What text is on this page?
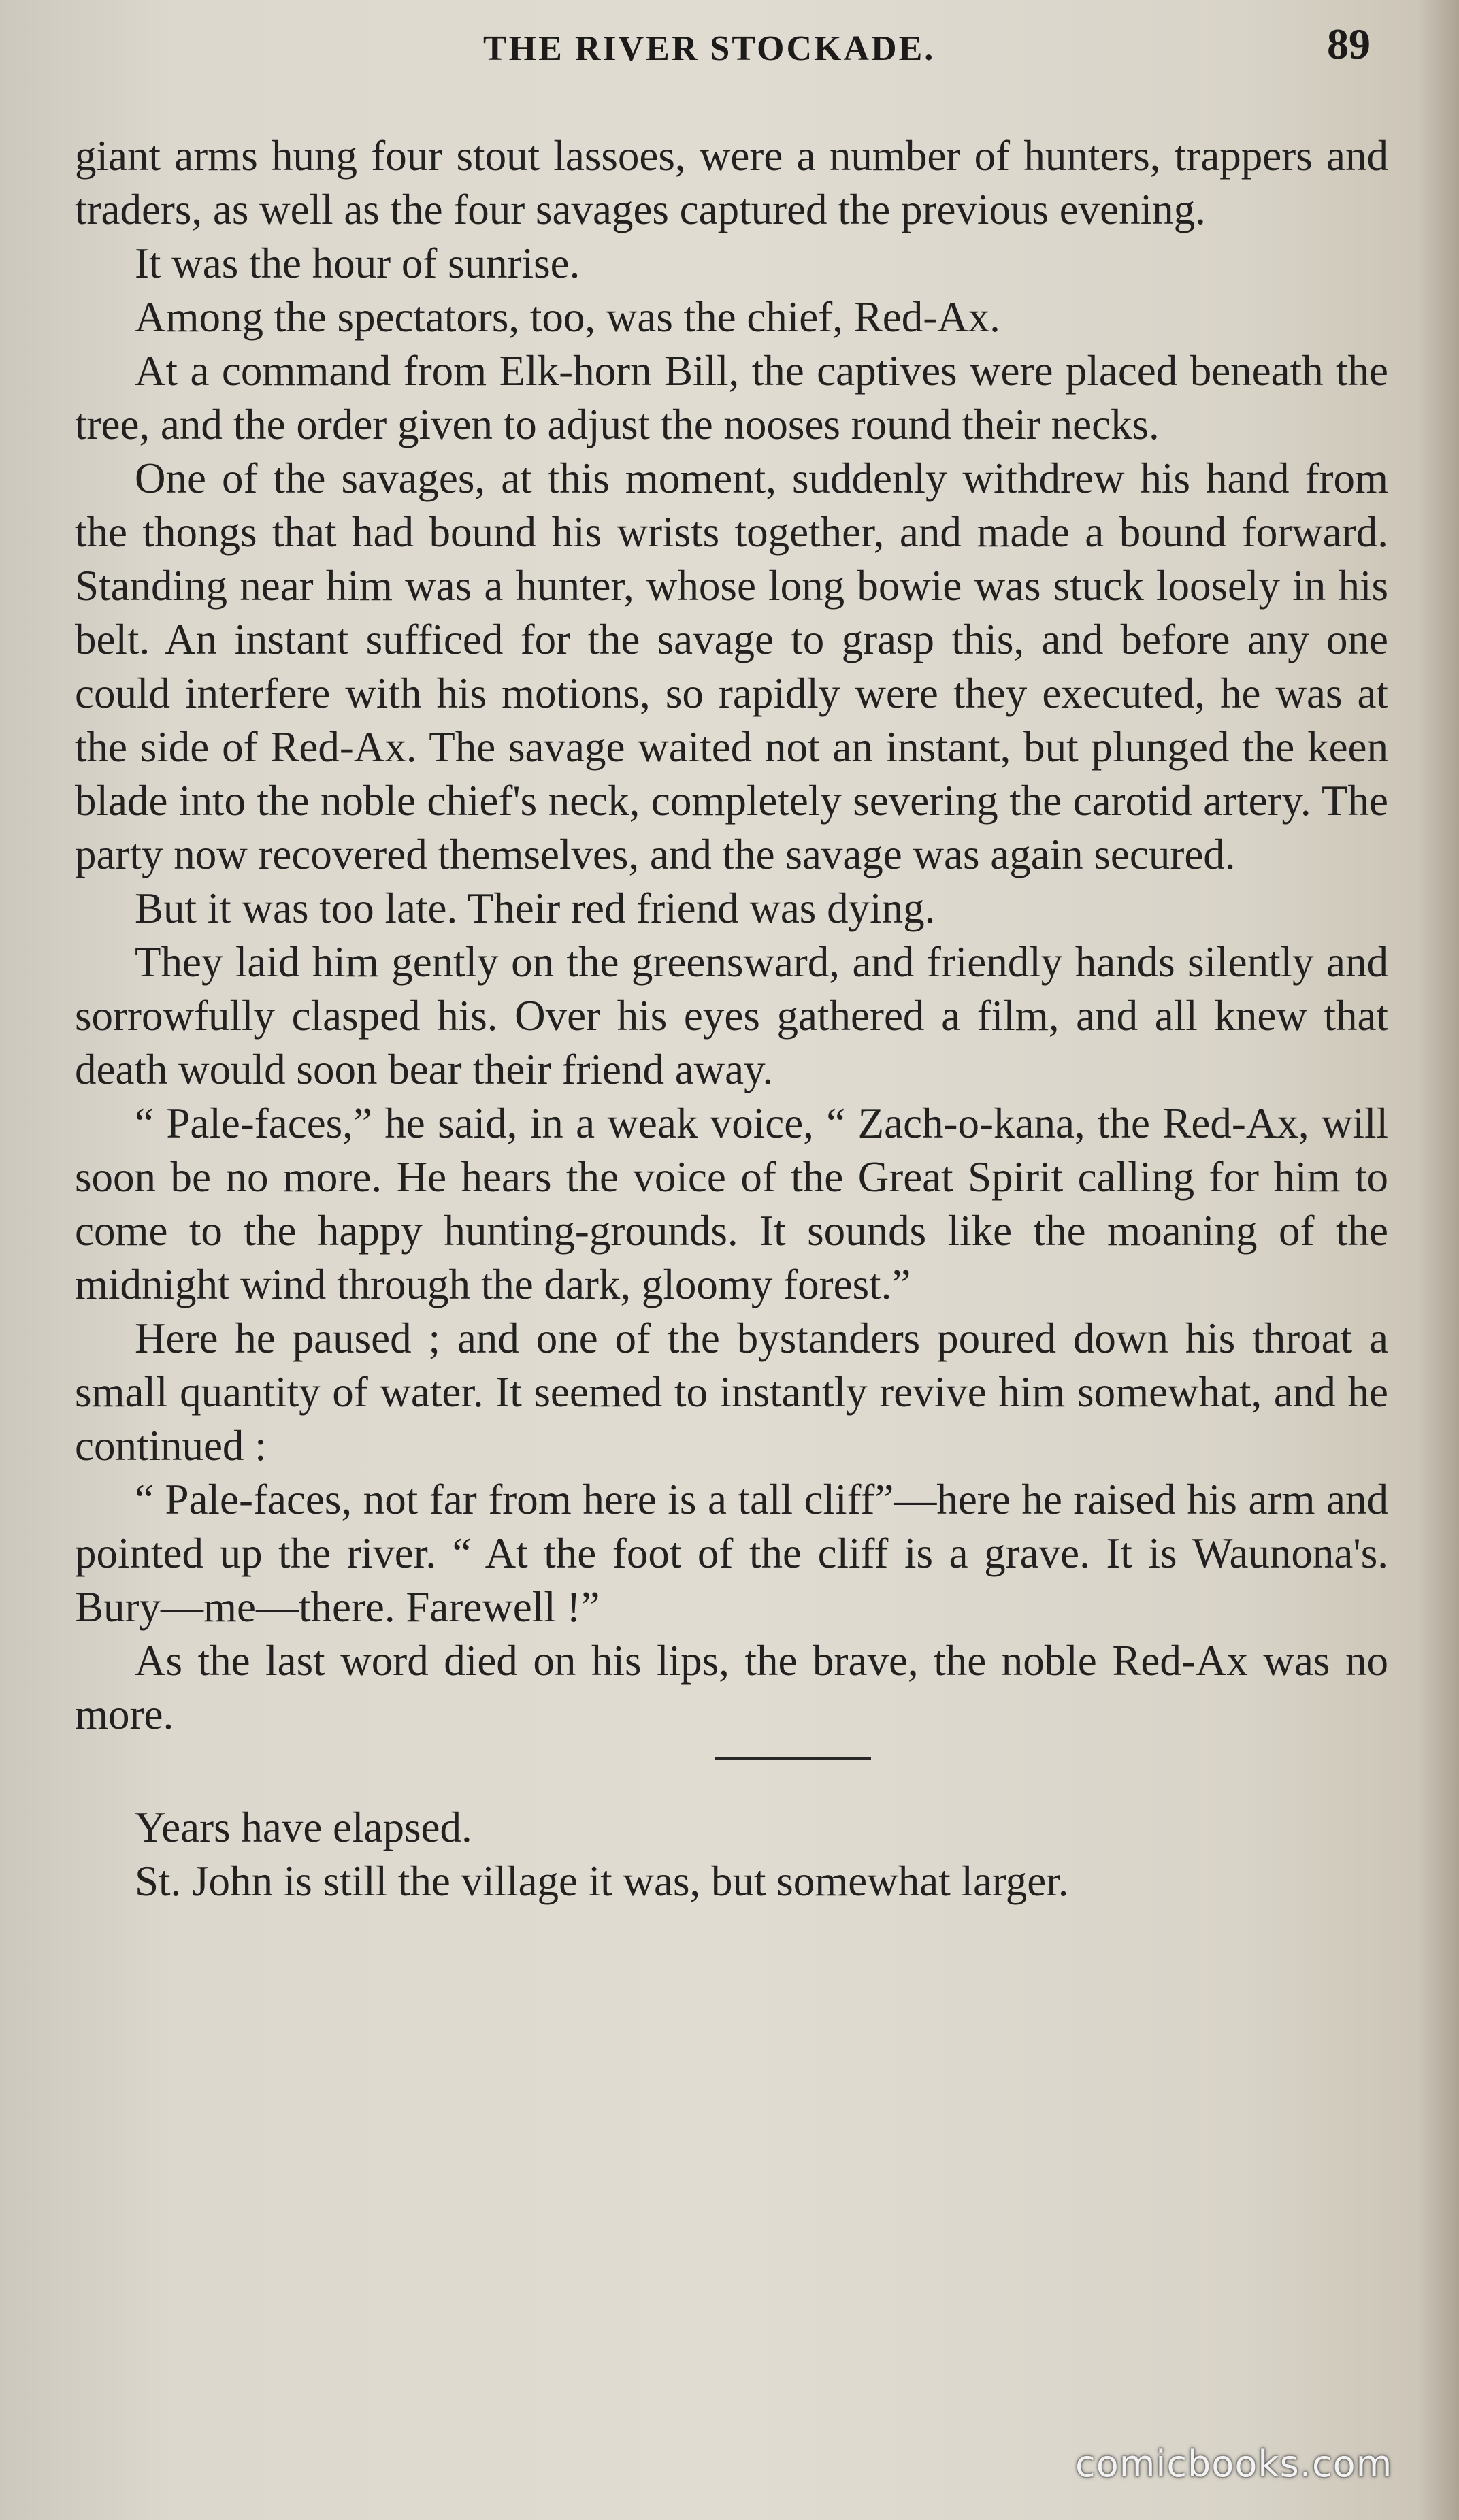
THE RIVER STOCKADE.	89

giant arms hung four stout lassoes, were a number of hunters, trappers and traders, as well as the four savages captured the previous evening.

It was the hour of sunrise.

Among the spectators, too, was the chief, Red-Ax.

At a command from Elk-horn Bill, the captives were placed beneath the tree, and the order given to adjust the nooses round their necks.

One of the savages, at this moment, suddenly withdrew his hand from the thongs that had bound his wrists together, and made a bound forward. Standing near him was a hunter, whose long bowie was stuck loosely in his belt. An instant sufficed for the savage to grasp this, and before any one could interfere with his motions, so rapidly were they executed, he was at the side of Red-Ax. The savage waited not an instant, but plunged the keen blade into the noble chief's neck, completely severing the carotid artery. The party now recovered themselves, and the savage was again secured.

But it was too late. Their red friend was dying.

They laid him gently on the greensward, and friendly hands silently and sorrowfully clasped his. Over his eyes gathered a film, and all knew that death would soon bear their friend away.

“ Pale-faces,” he said, in a weak voice, “ Zach-o-kana, the Red-Ax, will soon be no more. He hears the voice of the Great Spirit calling for him to come to the happy hunting-grounds. It sounds like the moaning of the midnight wind through the dark, gloomy forest.”

Here he paused ; and one of the bystanders poured down his throat a small quantity of water. It seemed to instantly revive him somewhat, and he continued :

“ Pale-faces, not far from here is a tall cliff”—here he raised his arm and pointed up the river. “ At the foot of the cliff is a grave. It is Waunona's. Bury—me—there. Farewell !”

As the last word died on his lips, the brave, the noble Red-Ax was no more.

Years have elapsed.

St. John is still the village it was, but somewhat larger.

comicbooks.com
